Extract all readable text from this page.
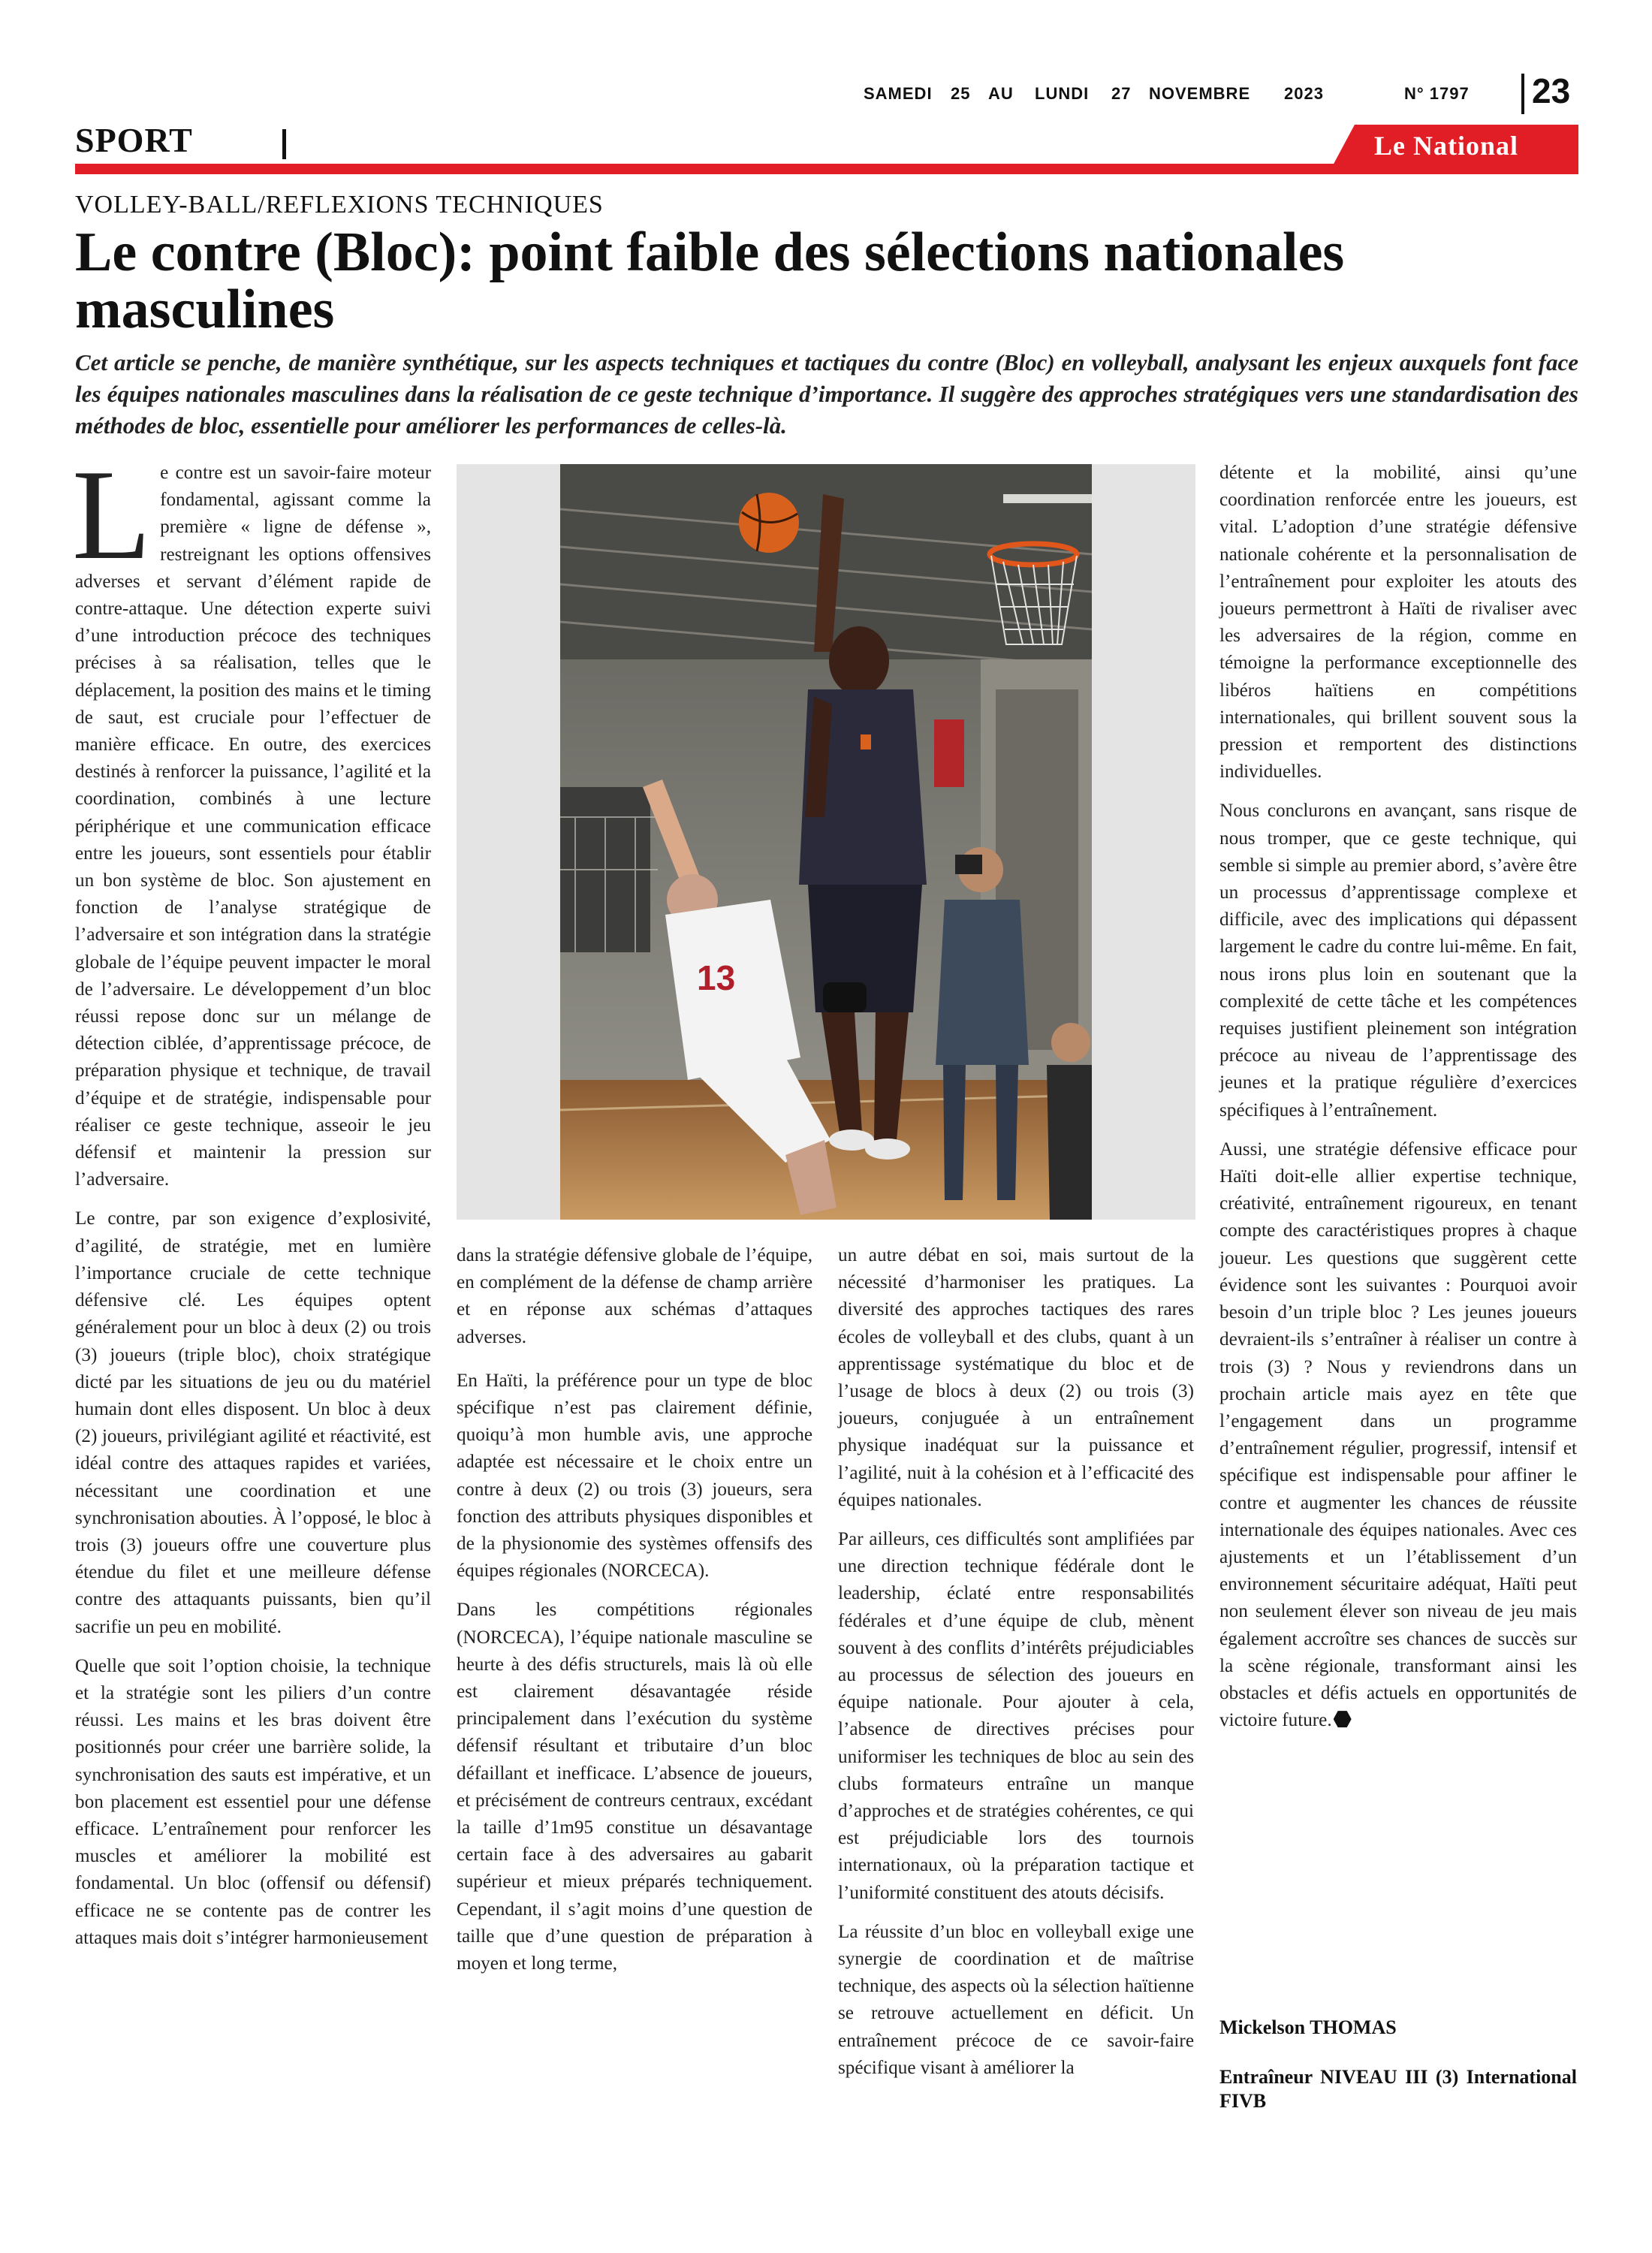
SAMEDI 25 AU LUNDI 27 NOVEMBRE 2023	N° 1797 23
SPORT	Le National
VOLLEY-BALL/REFLEXIONS TECHNIQUES
Le contre (Bloc): point faible des sélections nationales masculines

Cet article se penche, de manière synthétique, sur les aspects techniques et tactiques du contre (Bloc) en volleyball, analysant les enjeux auxquels font face les équipes nationales masculines dans la réalisation de ce geste technique d’importance. Il suggère des approches stratégiques vers une standardisation des méthodes de bloc, essentielle pour améliorer les performances de celles-là.

Le contre est un savoir-faire moteur fondamental, agissant comme la première « ligne de défense », restreignant les options offensives adverses et servant d’élément rapide de contre-attaque. Une détection experte suivi d’une introduction précoce des techniques précises à sa réalisation, telles que le déplacement, la position des mains et le timing de saut, est cruciale pour l’effectuer de manière efficace. En outre, des exercices destinés à renforcer la puissance, l’agilité et la coordination, combinés à une lecture périphérique et une communication efficace entre les joueurs, sont essentiels pour établir un bon système de bloc. Son ajustement en fonction de l’analyse stratégique de l’adversaire et son intégration dans la stratégie globale de l’équipe peuvent impacter le moral de l’adversaire. Le développement d’un bloc réussi repose donc sur un mélange de détection ciblée, d’apprentissage précoce, de préparation physique et technique, de travail d’équipe et de stratégie, indispensable pour réaliser ce geste technique, asseoir le jeu défensif et maintenir la pression sur l’adversaire.

Le contre, par son exigence d’explosivité, d’agilité, de stratégie, met en lumière l’importance cruciale de cette technique défensive clé. Les équipes optent généralement pour un bloc à deux (2) ou trois (3) joueurs (triple bloc), choix stratégique dicté par les situations de jeu ou du matériel humain dont elles disposent. Un bloc à deux (2) joueurs, privilégiant agilité et réactivité, est idéal contre des attaques rapides et variées, nécessitant une coordination et une synchronisation abouties. À l’opposé, le bloc à trois (3) joueurs offre une couverture plus étendue du filet et une meilleure défense contre des attaquants puissants, bien qu’il sacrifie un peu en mobilité.

Quelle que soit l’option choisie, la technique et la stratégie sont les piliers d’un contre réussi. Les mains et les bras doivent être positionnés pour créer une barrière solide, la synchronisation des sauts est impérative, et un bon placement est essentiel pour une défense efficace. L’entraînement pour renforcer les muscles et améliorer la mobilité est fondamental. Un bloc (offensif ou défensif) efficace ne se contente pas de contrer les attaques mais doit s’intégrer harmonieusement

13

dans la stratégie défensive globale de l’équipe, en complément de la défense de champ arrière et en réponse aux schémas d’attaques adverses.

En Haïti, la préférence pour un type de bloc spécifique n’est pas clairement définie, quoiqu’à mon humble avis, une approche adaptée est nécessaire et le choix entre un contre à deux (2) ou trois (3) joueurs, sera fonction des attributs physiques disponibles et de la physionomie des systèmes offensifs des équipes régionales (NORCECA).

Dans les compétitions régionales (NORCECA), l’équipe nationale masculine se heurte à des défis structurels, mais là où elle est clairement désavantagée réside principalement dans l’exécution du système défensif résultant et tributaire d’un bloc défaillant et inefficace. L’absence de joueurs, et précisément de contreurs centraux, excédant la taille d’1m95 constitue un désavantage certain face à des adversaires au gabarit supérieur et mieux préparés techniquement. Cependant, il s’agit moins d’une question de taille que d’une question de préparation à moyen et long terme,

un autre débat en soi, mais surtout de la nécessité d’harmoniser les pratiques. La diversité des approches tactiques des rares écoles de volleyball et des clubs, quant à un apprentissage systématique du bloc et de l’usage de blocs à deux (2) ou trois (3) joueurs, conjuguée à un entraînement physique inadéquat sur la puissance et l’agilité, nuit à la cohésion et à l’efficacité des équipes nationales.

Par ailleurs, ces difficultés sont amplifiées par une direction technique fédérale dont le leadership, éclaté entre responsabilités fédérales et d’une équipe de club, mènent souvent à des conflits d’intérêts préjudiciables au processus de sélection des joueurs en équipe nationale. Pour ajouter à cela, l’absence de directives précises pour uniformiser les techniques de bloc au sein des clubs formateurs entraîne un manque d’approches et de stratégies cohérentes, ce qui est préjudiciable lors des tournois internationaux, où la préparation tactique et l’uniformité constituent des atouts décisifs.

La réussite d’un bloc en volleyball exige une synergie de coordination et de maîtrise technique, des aspects où la sélection haïtienne se retrouve actuellement en déficit. Un entraînement précoce de ce savoir-faire spécifique visant à améliorer la

détente et la mobilité, ainsi qu’une coordination renforcée entre les joueurs, est vital. L’adoption d’une stratégie défensive nationale cohérente et la personnalisation de l’entraînement pour exploiter les atouts des joueurs permettront à Haïti de rivaliser avec les adversaires de la région, comme en témoigne la performance exceptionnelle des libéros haïtiens en compétitions internationales, qui brillent souvent sous la pression et remportent des distinctions individuelles.

Nous conclurons en avançant, sans risque de nous tromper, que ce geste technique, qui semble si simple au premier abord, s’avère être un processus d’apprentissage complexe et difficile, avec des implications qui dépassent largement le cadre du contre lui-même. En fait, nous irons plus loin en soutenant que la complexité de cette tâche et les compétences requises justifient pleinement son intégration précoce au niveau de l’apprentissage des jeunes et la pratique régulière d’exercices spécifiques à l’entraînement.

Aussi, une stratégie défensive efficace pour Haïti doit-elle allier expertise technique, créativité, entraînement rigoureux, en tenant compte des caractéristiques propres à chaque joueur. Les questions que suggèrent cette évidence sont les suivantes : Pourquoi avoir besoin d’un triple bloc ? Les jeunes joueurs devraient-ils s’entraîner à réaliser un contre à trois (3) ? Nous y reviendrons dans un prochain article mais ayez en tête que l’engagement dans un programme d’entraînement régulier, progressif, intensif et spécifique est indispensable pour affiner le contre et augmenter les chances de réussite internationale des équipes nationales. Avec ces ajustements et un l’établissement d’un environnement sécuritaire adéquat, Haïti peut non seulement élever son niveau de jeu mais également accroître ses chances de succès sur la scène régionale, transformant ainsi les obstacles et défis actuels en opportunités de victoire future.

Mickelson THOMAS
Entraîneur NIVEAU III (3) International FIVB
